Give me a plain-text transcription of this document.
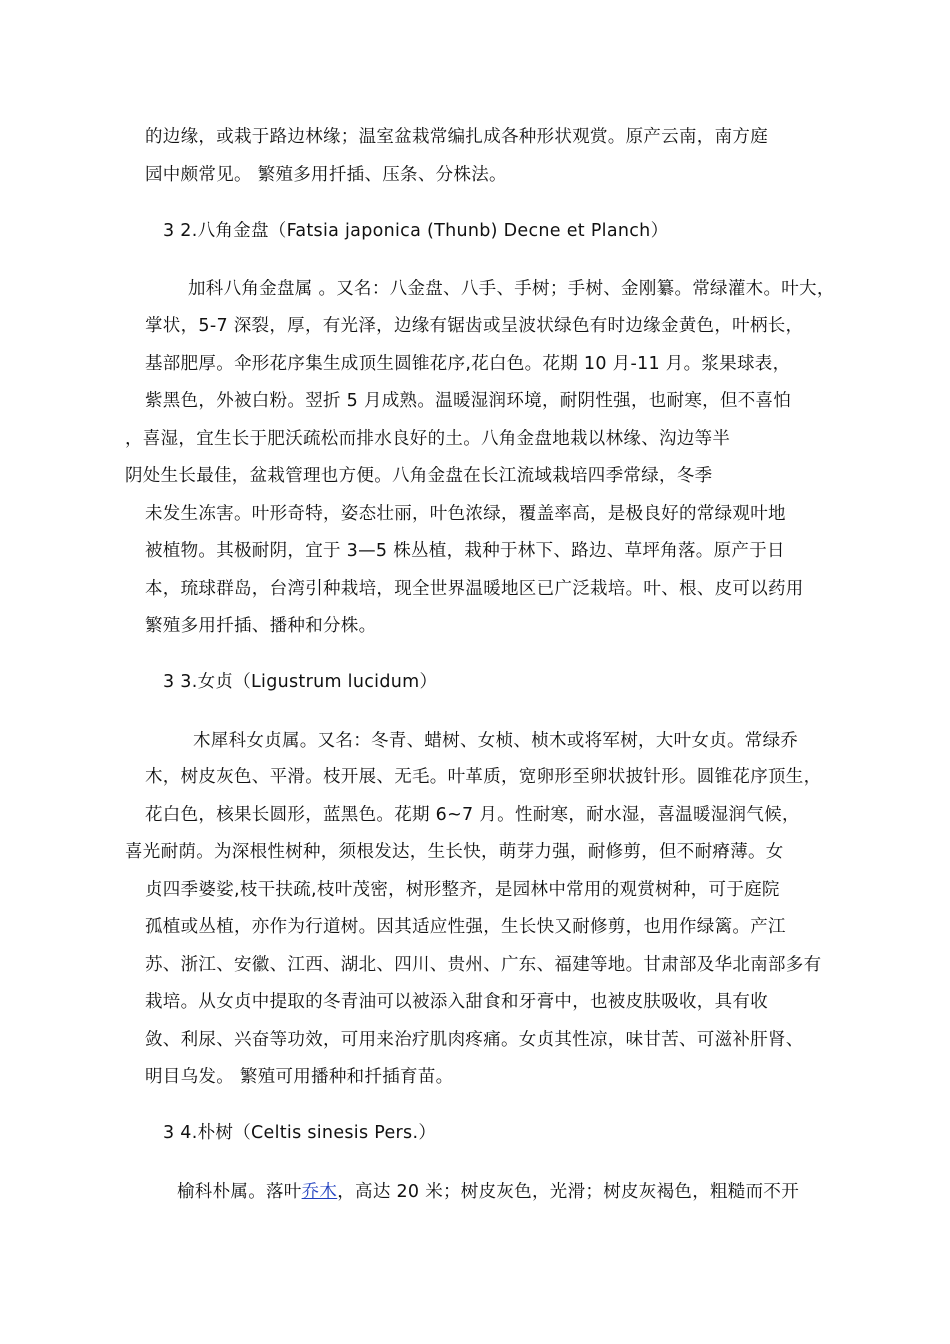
的边缘，或栽于路边林缘；温室盆栽常编扎成各种形状观赏。原产云南，南方庭
园中颇常见。 繁殖多用扦插、压条、分株法。
3 2.八角金盘（Fatsia japonica (Thunb) Decne et Planch）
加科八角金盘属 。又名：八金盘、八手、手树；手树、金刚纂。常绿灌木。叶大，
掌状，5-7 深裂，厚，有光泽，边缘有锯齿或呈波状绿色有时边缘金黄色，叶柄长，
基部肥厚。伞形花序集生成顶生圆锥花序,花白色。花期 10 月-11 月。浆果球表，
紫黑色，外被白粉。翌折 5 月成熟。温暖湿润环境，耐阴性强，也耐寒，但不喜怕
，喜湿，宜生长于肥沃疏松而排水良好的土。八角金盘地栽以林缘、沟边等半
阴处生长最佳，盆栽管理也方便。八角金盘在长江流域栽培四季常绿，冬季
未发生冻害。叶形奇特，姿态壮丽，叶色浓绿，覆盖率高，是极良好的常绿观叶地
被植物。其极耐阴，宜于 3—5 株丛植，栽种于林下、路边、草坪角落。原产于日
本，琉球群岛，台湾引种栽培，现全世界温暖地区已广泛栽培。叶、根、皮可以药用
繁殖多用扦插、播种和分株。
3 3.女贞（Ligustrum lucidum）
木犀科女贞属。又名：冬青、蜡树、女桢、桢木或将军树，大叶女贞。常绿乔
木，树皮灰色、平滑。枝开展、无毛。叶革质，宽卵形至卵状披针形。圆锥花序顶生，
花白色，核果长圆形，蓝黑色。花期 6~7 月。性耐寒，耐水湿，喜温暖湿润气候，
喜光耐荫。为深根性树种，须根发达，生长快，萌芽力强，耐修剪，但不耐瘠薄。女
贞四季婆娑,枝干扶疏,枝叶茂密，树形整齐，是园林中常用的观赏树种，可于庭院
孤植或丛植，亦作为行道树。因其适应性强，生长快又耐修剪，也用作绿篱。产江
苏、浙江、安徽、江西、湖北、四川、贵州、广东、福建等地。甘肃部及华北南部多有
栽培。从女贞中提取的冬青油可以被添入甜食和牙膏中，也被皮肤吸收，具有收
敛、利尿、兴奋等功效，可用来治疗肌肉疼痛。女贞其性凉，味甘苦、可滋补肝肾、
明目乌发。 繁殖可用播种和扦插育苗。
3 4.朴树（Celtis sinesis Pers.）
榆科朴属。落叶乔木，高达 20 米；树皮灰色，光滑；树皮灰褐色，粗糙而不开
